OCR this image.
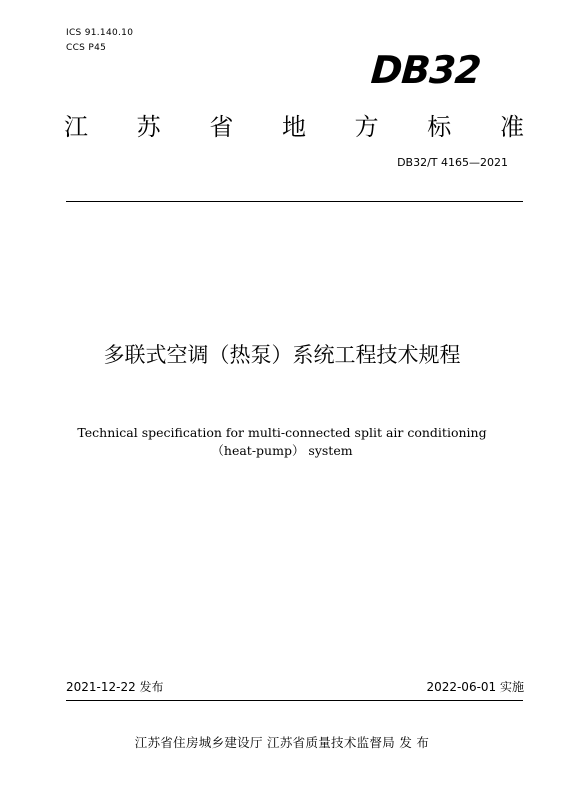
ICS 91.140.10
CCS P45	DB32
江 苏 省 地 方 标 准
DB32/T 4165—2021
多联式空调（热泵）系统工程技术规程
Technical specification for multi-connected split air conditioning
（heat-pump） system
2021-12-22 发布	2022-06-01 实施
江苏省住房城乡建设厅 江苏省质量技术监督局 发 布
